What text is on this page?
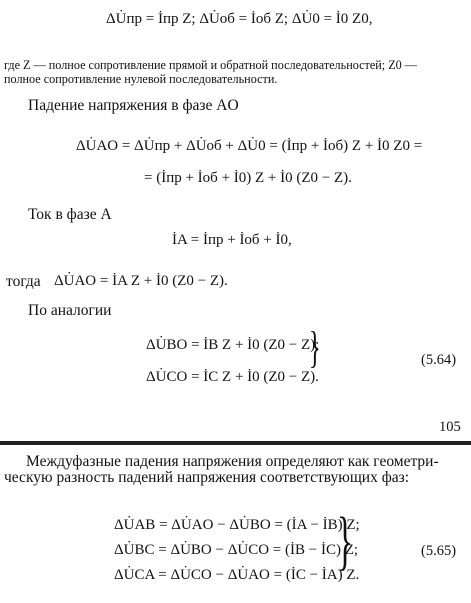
ΔU̇пр = İпр Z; ΔU̇об = İоб Z; ΔU̇0 = İ0 Z0,
где Z — полное сопротивление прямой и обратной последовательностей; Z0 —
полное сопротивление нулевой последовательности.
Падение напряжения в фазе AO
ΔU̇AO = ΔU̇пр + ΔU̇об + ΔU̇0 = (İпр + İоб) Z + İ0 Z0 =
= (İпр + İоб + İ0) Z + İ0 (Z0 − Z).
Ток в фазе A
İA = İпр + İоб + İ0,
тогда ΔU̇AO = İA Z + İ0 (Z0 − Z).
По аналогии
ΔU̇BO = İB Z + İ0 (Z0 − Z);
ΔU̇CO = İC Z + İ0 (Z0 − Z).
}	(5.64)
105
Междуфазные падения напряжения определяют как геометри-
ческую разность падений напряжения соответствующих фаз:
ΔU̇AB = ΔU̇AO − ΔU̇BO = (İA − İB) Z;
ΔU̇BC = ΔU̇BO − ΔU̇CO = (İB − İC) Z;
ΔU̇CA = ΔU̇CO − ΔU̇AO = (İC − İA) Z.
}	(5.65)
